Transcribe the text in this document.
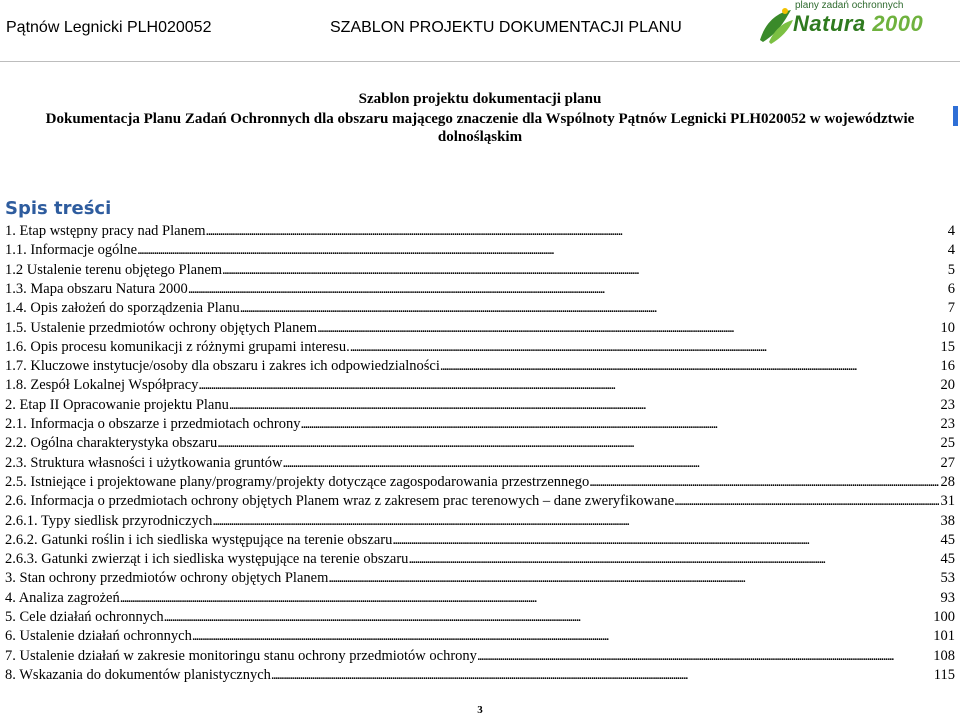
Pątnów Legnicki PLH020052	SZABLON PROJEKTU DOKUMENTACJI PLANU
plany zadań ochronnych
Natura 2000
Szablon projektu dokumentacji planu
Dokumentacja Planu Zadań Ochronnych dla obszaru mającego znaczenie dla Wspólnoty Pątnów Legnicki PLH020052 w województwie
dolnośląskim
Spis treści
1. Etap wstępny pracy nad Planem . . .	4
1.1. Informacje ogólne . . .	4
1.2 Ustalenie terenu objętego Planem . . .	5
1.3. Mapa obszaru Natura 2000 . . .	6
1.4. Opis założeń do sporządzenia Planu . . .	7
1.5. Ustalenie przedmiotów ochrony objętych Planem . . .	10
1.6. Opis procesu komunikacji z różnymi grupami interesu. . . .	15
1.7. Kluczowe instytucje/osoby dla obszaru i zakres ich odpowiedzialności . . .	16
1.8. Zespół Lokalnej Współpracy . . .	20
2. Etap II Opracowanie projektu Planu . . .	23
2.1. Informacja o obszarze i przedmiotach ochrony . . .	23
2.2. Ogólna charakterystyka obszaru . . .	25
2.3. Struktura własności i użytkowania gruntów . . .	27
2.5. Istniejące i projektowane plany/programy/projekty dotyczące zagospodarowania przestrzennego . . .	28
2.6. Informacja o przedmiotach ochrony objętych Planem wraz z zakresem prac terenowych – dane zweryfikowane . . .	31
2.6.1. Typy siedlisk przyrodniczych . . .	38
2.6.2. Gatunki roślin i ich siedliska występujące na terenie obszaru . . .	45
2.6.3. Gatunki zwierząt i ich siedliska występujące na terenie obszaru . . .	45
3. Stan ochrony przedmiotów ochrony objętych Planem . . .	53
4. Analiza zagrożeń . . .	93
5. Cele działań ochronnych . . .	100
6. Ustalenie działań ochronnych . . .	101
7. Ustalenie działań w zakresie monitoringu stanu ochrony przedmiotów ochrony . . .	108
8. Wskazania do dokumentów planistycznych . . .	115
3
